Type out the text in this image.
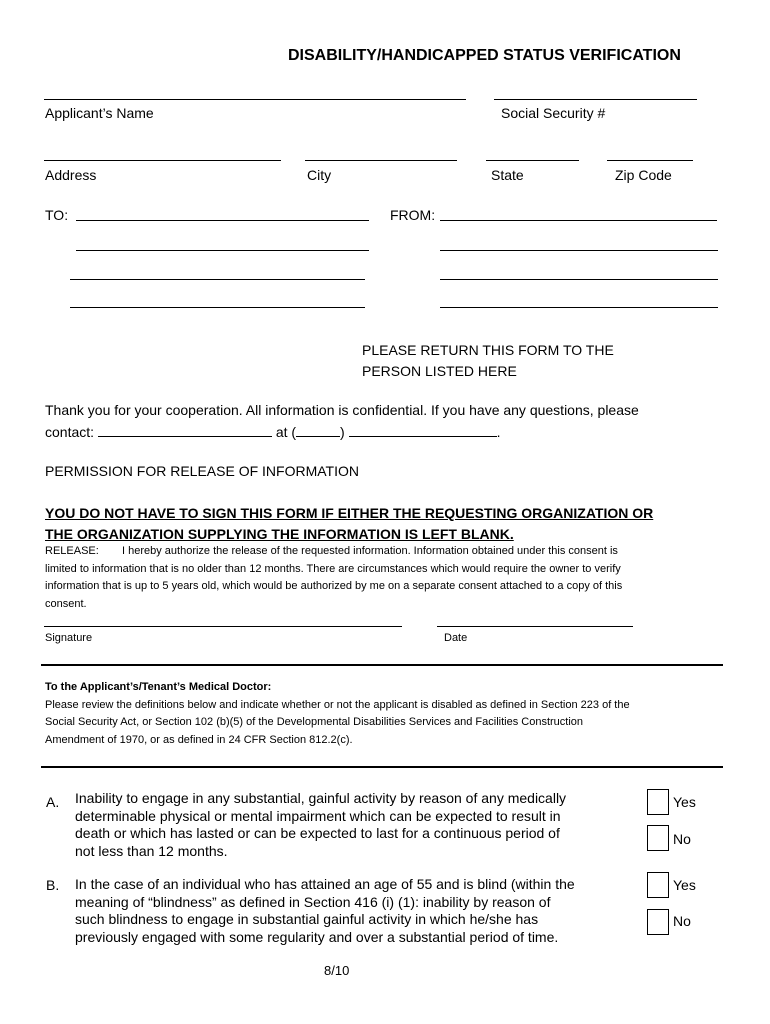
DISABILITY/HANDICAPPED STATUS VERIFICATION
Applicant’s Name	Social Security #
Address	City	State	Zip Code
TO:	FROM:
PLEASE RETURN THIS FORM TO THE
PERSON LISTED HERE
Thank you for your cooperation. All information is confidential. If you have any questions, please
contact:	at (	)	.
PERMISSION FOR RELEASE OF INFORMATION
YOU DO NOT HAVE TO SIGN THIS FORM IF EITHER THE REQUESTING ORGANIZATION OR
THE ORGANIZATION SUPPLYING THE INFORMATION IS LEFT BLANK.
RELEASE: I hereby authorize the release of the requested information. Information obtained under this consent is
limited to information that is no older than 12 months. There are circumstances which would require the owner to verify
information that is up to 5 years old, which would be authorized by me on a separate consent attached to a copy of this
consent.
Signature	Date
To the Applicant’s/Tenant’s Medical Doctor:
Please review the definitions below and indicate whether or not the applicant is disabled as defined in Section 223 of the
Social Security Act, or Section 102 (b)(5) of the Developmental Disabilities Services and Facilities Construction
Amendment of 1970, or as defined in 24 CFR Section 812.2(c).
A. Inability to engage in any substantial, gainful activity by reason of any medically
determinable physical or mental impairment which can be expected to result in
death or which has lasted or can be expected to last for a continuous period of
not less than 12 months.
Yes
No
B. In the case of an individual who has attained an age of 55 and is blind (within the
meaning of “blindness” as defined in Section 416 (i) (1): inability by reason of
such blindness to engage in substantial gainful activity in which he/she has
previously engaged with some regularity and over a substantial period of time.
Yes
No
8/10
